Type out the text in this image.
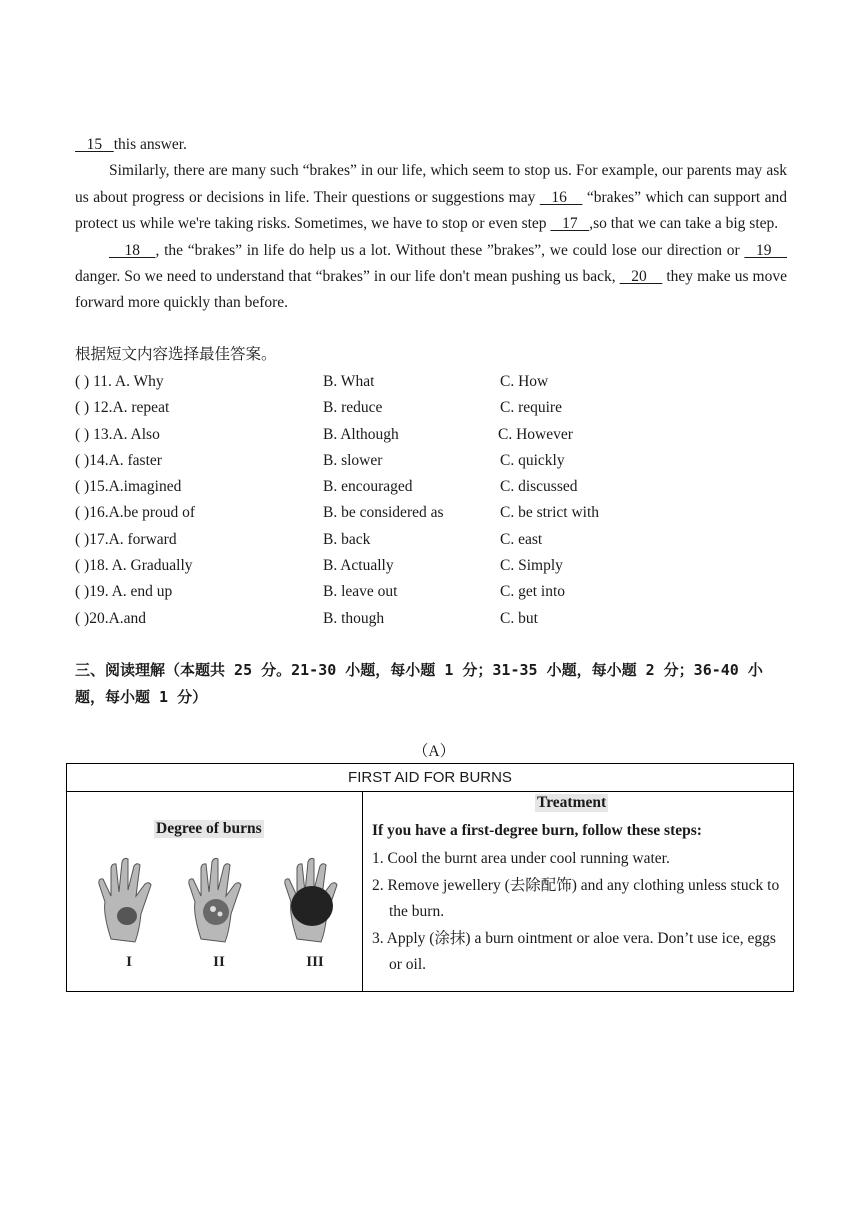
15   this answer.

Similarly, there are many such “brakes” in our life, which seem to stop us. For example, our parents may ask us about progress or decisions in life. Their questions or suggestions may    16     “brakes” which can support and protect us while we're taking risks. Sometimes, we have to stop or even step    17   ,so that we can take a big step.

18    , the “brakes” in life do help us a lot. Without these ”brakes”, we could lose our direction or    19     danger. So we need to understand that “brakes” in our life don't mean pushing us back,    20     they make us move forward more quickly than before.

根据短文内容选择最佳答案。
( ) 11. A. Why	B. What	C. How
( ) 12.A. repeat	B. reduce	C. require
( ) 13.A. Also	B. Although	C. However
( )14.A. faster	B. slower	C. quickly
( )15.A.imagined	B. encouraged	C. discussed
( )16.A.be proud of	B. be considered as	C. be strict with
( )17.A. forward	B. back	C. east
( )18. A. Gradually	B. Actually	C. Simply
( )19. A. end up	B. leave out	C. get into
( )20.A.and	B. though	C. but
三、阅读理解（本题共 25 分。21-30 小题，每小题 1 分；31-35 小题，每小题 2 分；36-40 小题，每小题 1 分）
（A）
FIRST AID FOR BURNS
Degree of burns
I	II	III
Treatment
If you have a first-degree burn, follow these steps:
1. Cool the burnt area under cool running water.
2. Remove jewellery (去除配饰) and any clothing unless stuck to the burn.
3. Apply (涂抹) a burn ointment or aloe vera. Don’t use ice, eggs or oil.
